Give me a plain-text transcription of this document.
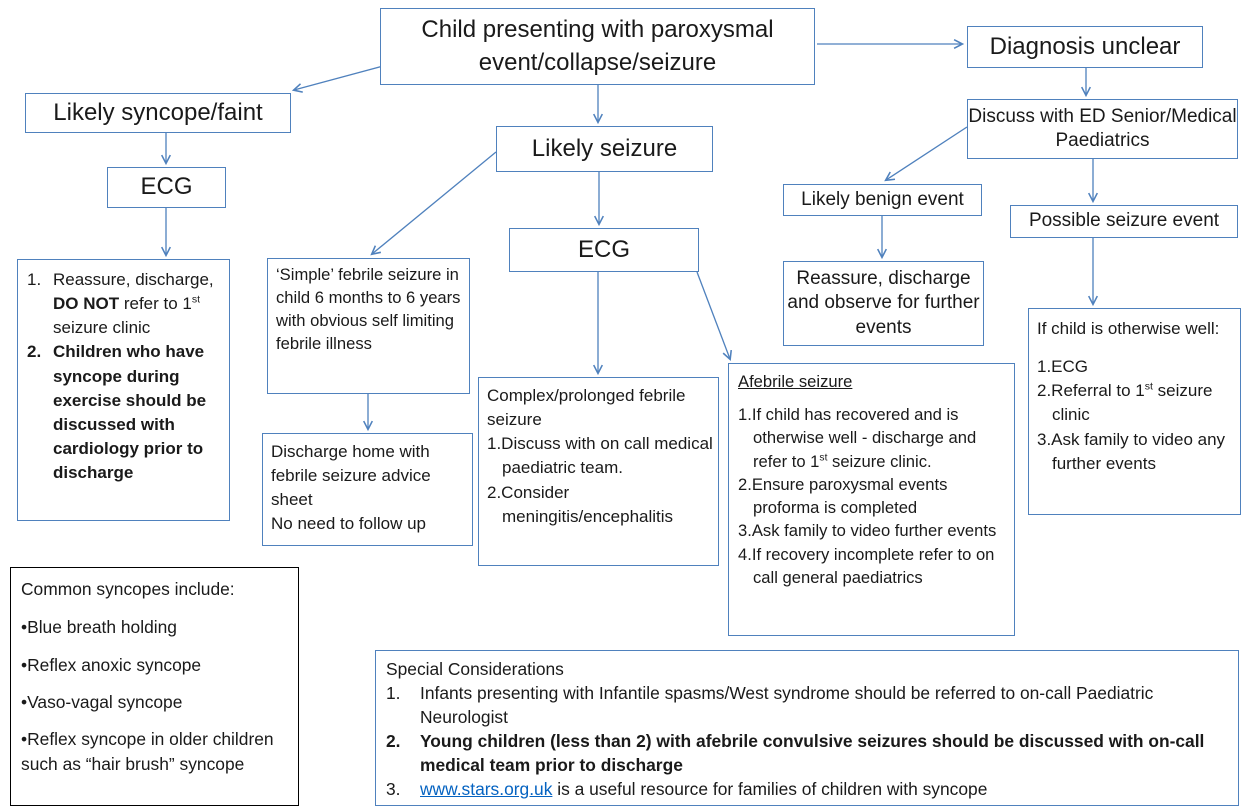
Child presenting with paroxysmal event/collapse/seizure
Diagnosis unclear
Likely syncope/faint
ECG
1. Reassure, discharge, DO NOT refer to 1st seizure clinic
2. Children who have syncope during exercise should be discussed with cardiology prior to discharge
Likely seizure
ECG
‘Simple’ febrile seizure in child 6 months to 6 years with obvious self limiting febrile illness
Discharge home with febrile seizure advice sheet
No need to follow up
Complex/prolonged febrile seizure
1.Discuss with on call medical paediatric team.
2.Consider meningitis/encephalitis
Afebrile seizure
1.If child has recovered and is otherwise well - discharge and refer to 1st seizure clinic.
2.Ensure paroxysmal events proforma is completed
3.Ask family to video further events
4.If recovery incomplete refer to on call general paediatrics
Discuss with ED Senior/Medical Paediatrics
Likely benign event
Reassure, discharge and observe for further events
Possible seizure event
If child is otherwise well:
1.ECG
2.Referral to 1st seizure clinic
3.Ask family to video any further events
Common syncopes include:

•Blue breath holding

•Reflex anoxic syncope

•Vaso-vagal syncope

•Reflex syncope in older children such as “hair brush” syncope

Special Considerations
1.	Infants presenting with Infantile spasms/West syndrome should be referred to on-call Paediatric Neurologist
2.	Young children (less than 2) with afebrile convulsive seizures should be discussed with on-call medical team prior to discharge
3.	www.stars.org.uk is a useful resource for families of children with syncope
